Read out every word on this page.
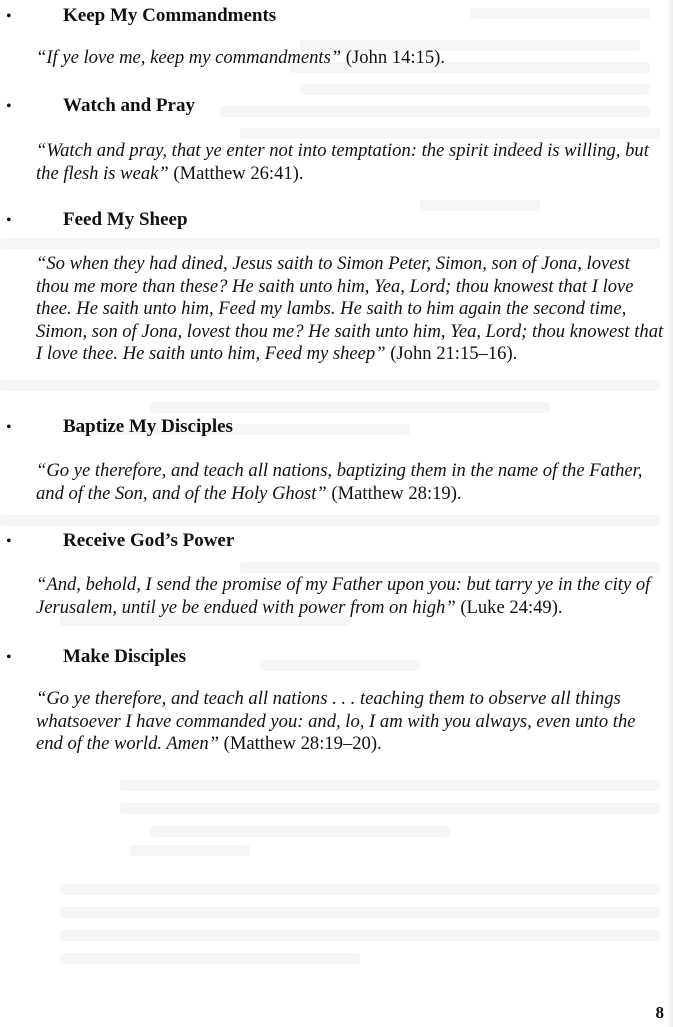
•	Keep My Commandments

“If ye love me, keep my commandments” (John 14:15).

•	Watch and Pray

“Watch and pray, that ye enter not into temptation: the spirit indeed is willing, but the flesh is weak” (Matthew 26:41).

•	Feed My Sheep

“So when they had dined, Jesus saith to Simon Peter, Simon, son of Jona, lovest thou me more than these? He saith unto him, Yea, Lord; thou knowest that I love thee. He saith unto him, Feed my lambs. He saith to him again the second time, Simon, son of Jona, lovest thou me? He saith unto him, Yea, Lord; thou knowest that I love thee. He saith unto him, Feed my sheep” (John 21:15–16).

•	Baptize My Disciples

“Go ye therefore, and teach all nations, baptizing them in the name of the Father, and of the Son, and of the Holy Ghost” (Matthew 28:19).

•	Receive God’s Power

“And, behold, I send the promise of my Father upon you: but tarry ye in the city of Jerusalem, until ye be endued with power from on high” (Luke 24:49).

•	Make Disciples

“Go ye therefore, and teach all nations . . . teaching them to observe all things whatsoever I have commanded you: and, lo, I am with you always, even unto the end of the world. Amen” (Matthew 28:19–20).

8
